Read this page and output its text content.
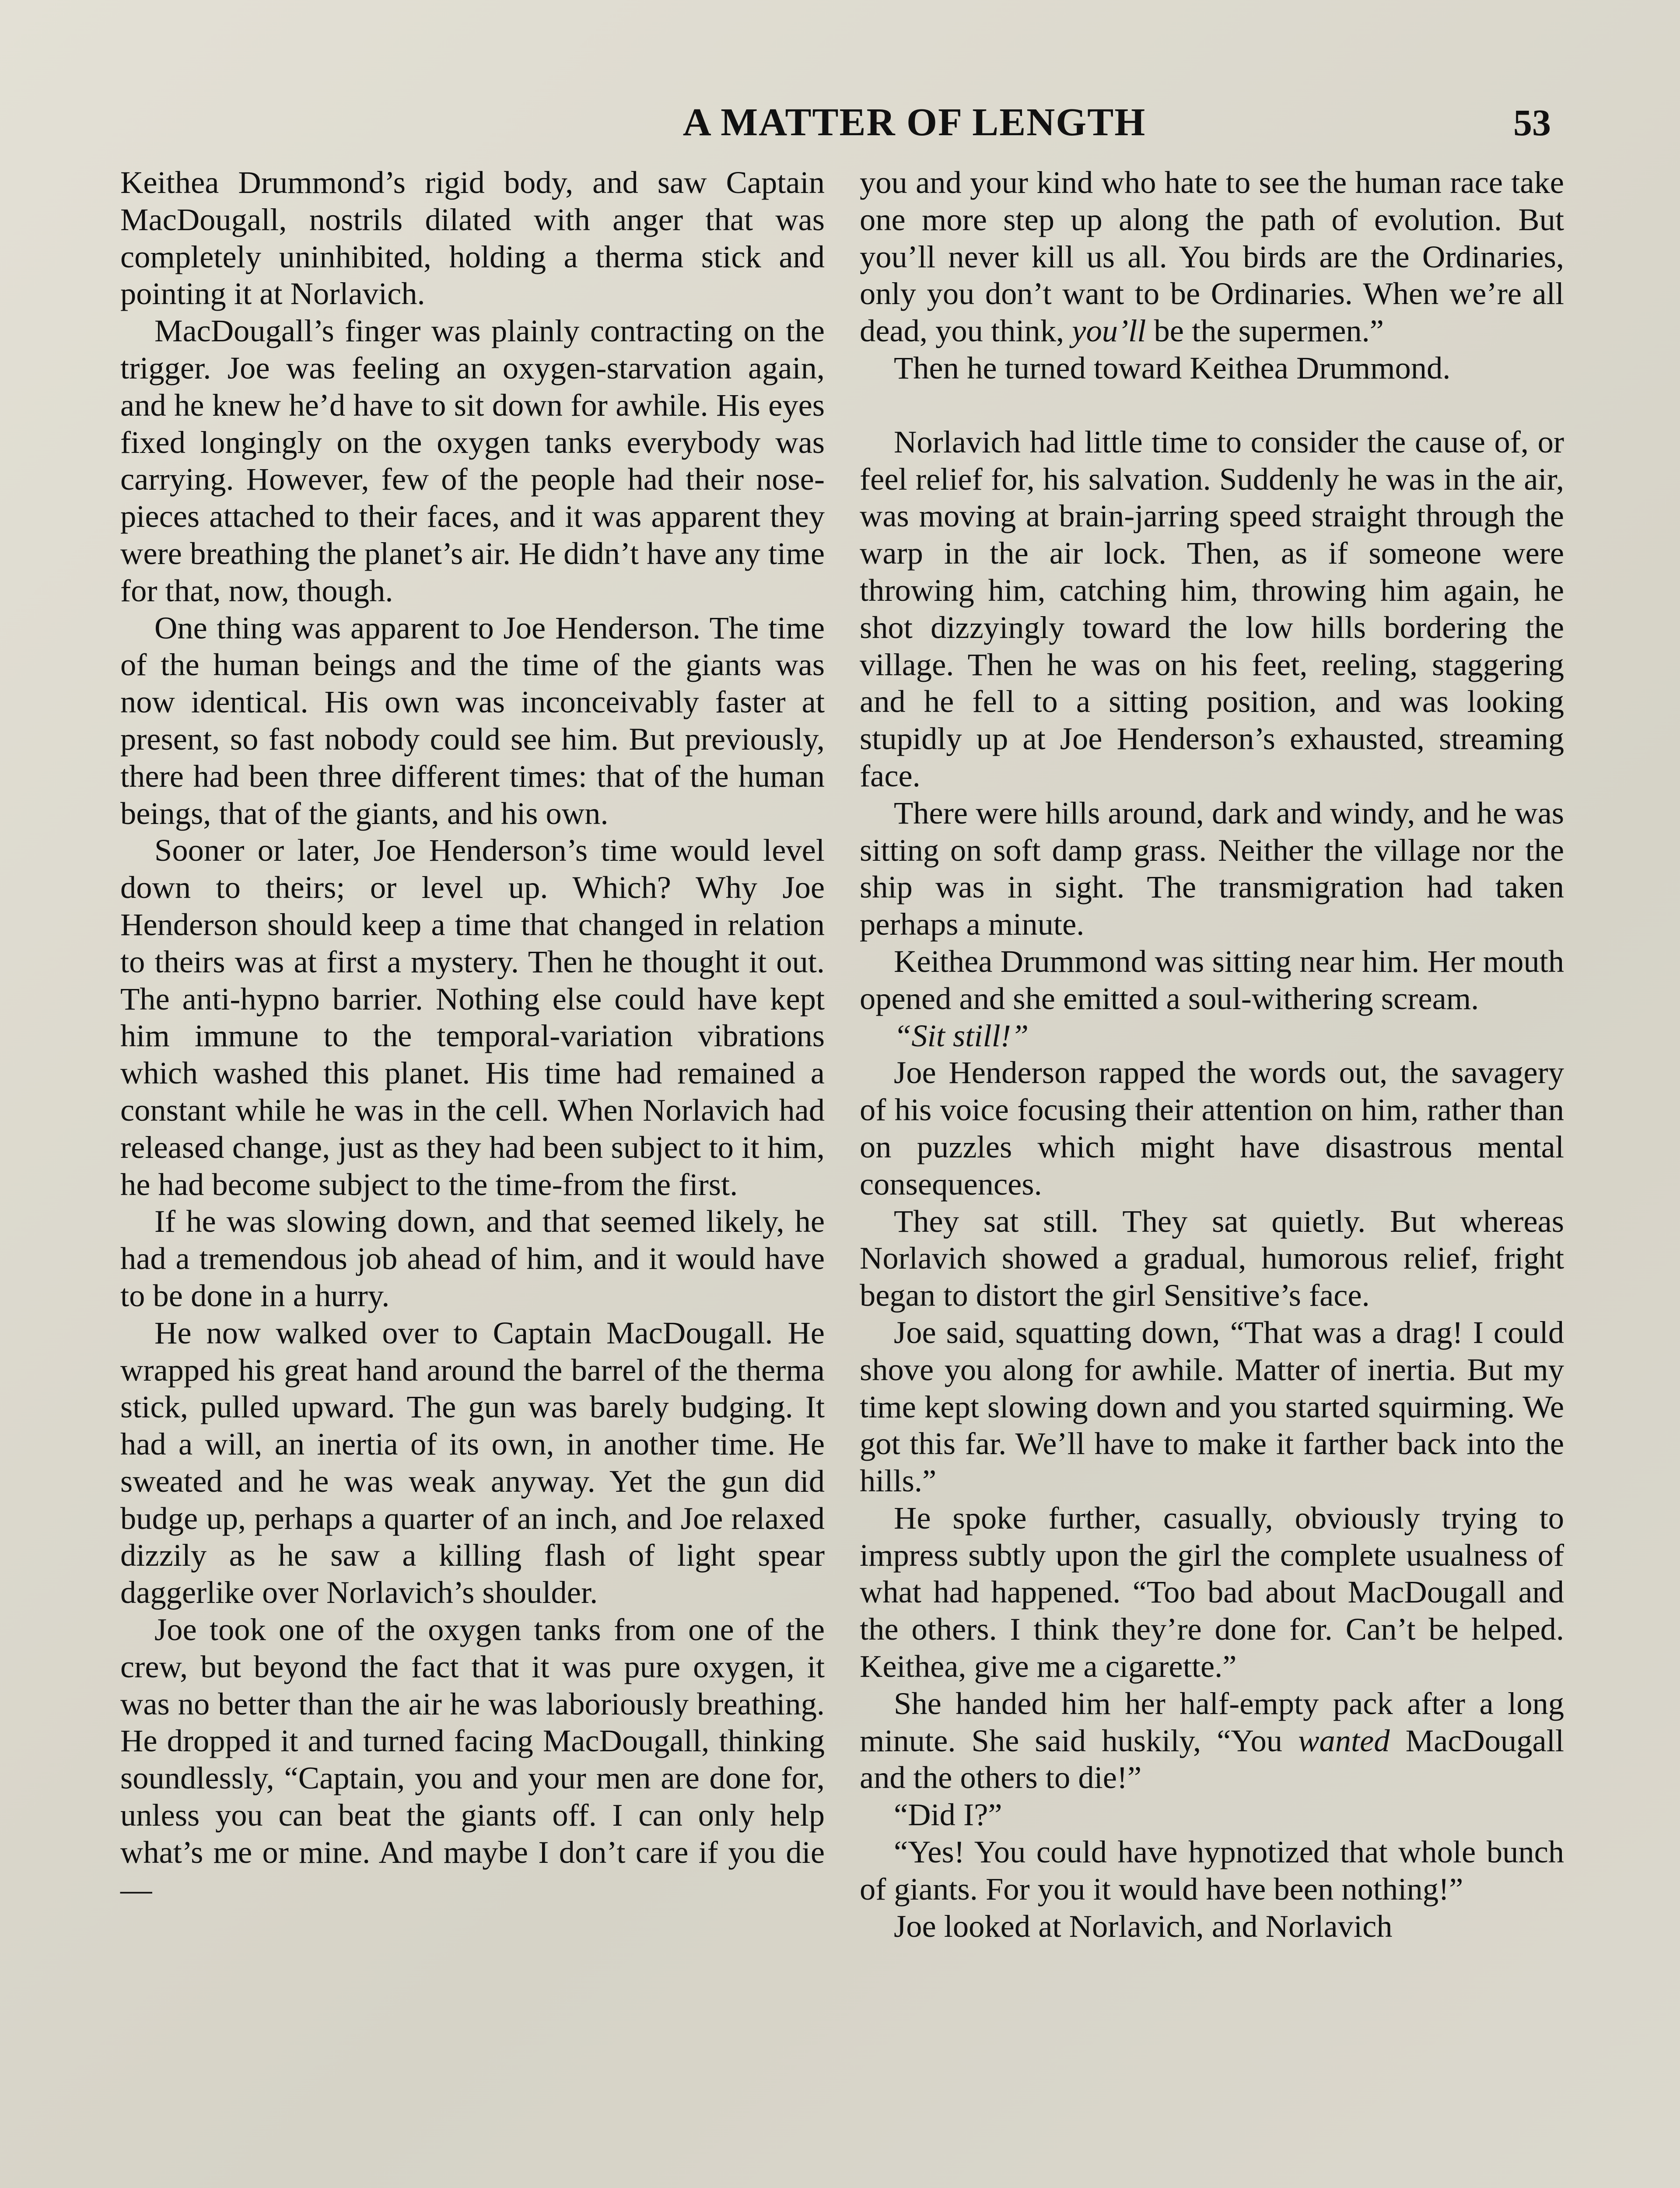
A MATTER OF LENGTH	53

Keithea Drummond’s rigid body, and saw Captain MacDougall, nostrils dilated with anger that was completely uninhibited, holding a therma stick and pointing it at Norlavich.

MacDougall’s finger was plainly contracting on the trigger. Joe was feeling an oxygen-starvation again, and he knew he’d have to sit down for awhile. His eyes fixed longingly on the oxygen tanks everybody was carrying. However, few of the people had their nose-pieces attached to their faces, and it was apparent they were breathing the planet’s air. He didn’t have any time for that, now, though.

One thing was apparent to Joe Henderson. The time of the human beings and the time of the giants was now identical. His own was inconceivably faster at present, so fast nobody could see him. But previously, there had been three different times: that of the human beings, that of the giants, and his own.

Sooner or later, Joe Henderson’s time would level down to theirs; or level up. Which? Why Joe Henderson should keep a time that changed in relation to theirs was at first a mystery. Then he thought it out. The anti-hypno barrier. Nothing else could have kept him immune to the temporal-variation vibrations which washed this planet. His time had remained a constant while he was in the cell. When Norlavich had released change, just as they had been subject to it him, he had become subject to the time-from the first.

If he was slowing down, and that seemed likely, he had a tremendous job ahead of him, and it would have to be done in a hurry.

He now walked over to Captain MacDougall. He wrapped his great hand around the barrel of the therma stick, pulled upward. The gun was barely budging. It had a will, an inertia of its own, in another time. He sweated and he was weak anyway. Yet the gun did budge up, perhaps a quarter of an inch, and Joe relaxed dizzily as he saw a killing flash of light spear daggerlike over Norlavich’s shoulder.

Joe took one of the oxygen tanks from one of the crew, but beyond the fact that it was pure oxygen, it was no better than the air he was laboriously breathing. He dropped it and turned facing MacDougall, thinking soundlessly, “Captain, you and your men are done for, unless you can beat the giants off. I can only help what’s me or mine. And maybe I don’t care if you die—

you and your kind who hate to see the human race take one more step up along the path of evolution. But you’ll never kill us all. You birds are the Ordinaries, only you don’t want to be Ordinaries. When we’re all dead, you think, you’ll be the supermen.”

Then he turned toward Keithea Drummond.

Norlavich had little time to consider the cause of, or feel relief for, his salvation. Suddenly he was in the air, was moving at brain-jarring speed straight through the warp in the air lock. Then, as if someone were throwing him, catching him, throwing him again, he shot dizzyingly toward the low hills bordering the village. Then he was on his feet, reeling, staggering and he fell to a sitting position, and was looking stupidly up at Joe Henderson’s exhausted, streaming face.

There were hills around, dark and windy, and he was sitting on soft damp grass. Neither the village nor the ship was in sight. The transmigration had taken perhaps a minute.

Keithea Drummond was sitting near him. Her mouth opened and she emitted a soul-withering scream.

“Sit still!”

Joe Henderson rapped the words out, the savagery of his voice focusing their attention on him, rather than on puzzles which might have disastrous mental consequences.

They sat still. They sat quietly. But whereas Norlavich showed a gradual, humorous relief, fright began to distort the girl Sensitive’s face.

Joe said, squatting down, “That was a drag! I could shove you along for awhile. Matter of inertia. But my time kept slowing down and you started squirming. We got this far. We’ll have to make it farther back into the hills.”

He spoke further, casually, obviously trying to impress subtly upon the girl the complete usualness of what had happened. “Too bad about MacDougall and the others. I think they’re done for. Can’t be helped. Keithea, give me a cigarette.”

She handed him her half-empty pack after a long minute. She said huskily, “You wanted MacDougall and the others to die!”

“Did I?”

“Yes! You could have hypnotized that whole bunch of giants. For you it would have been nothing!”

Joe looked at Norlavich, and Norlavich
